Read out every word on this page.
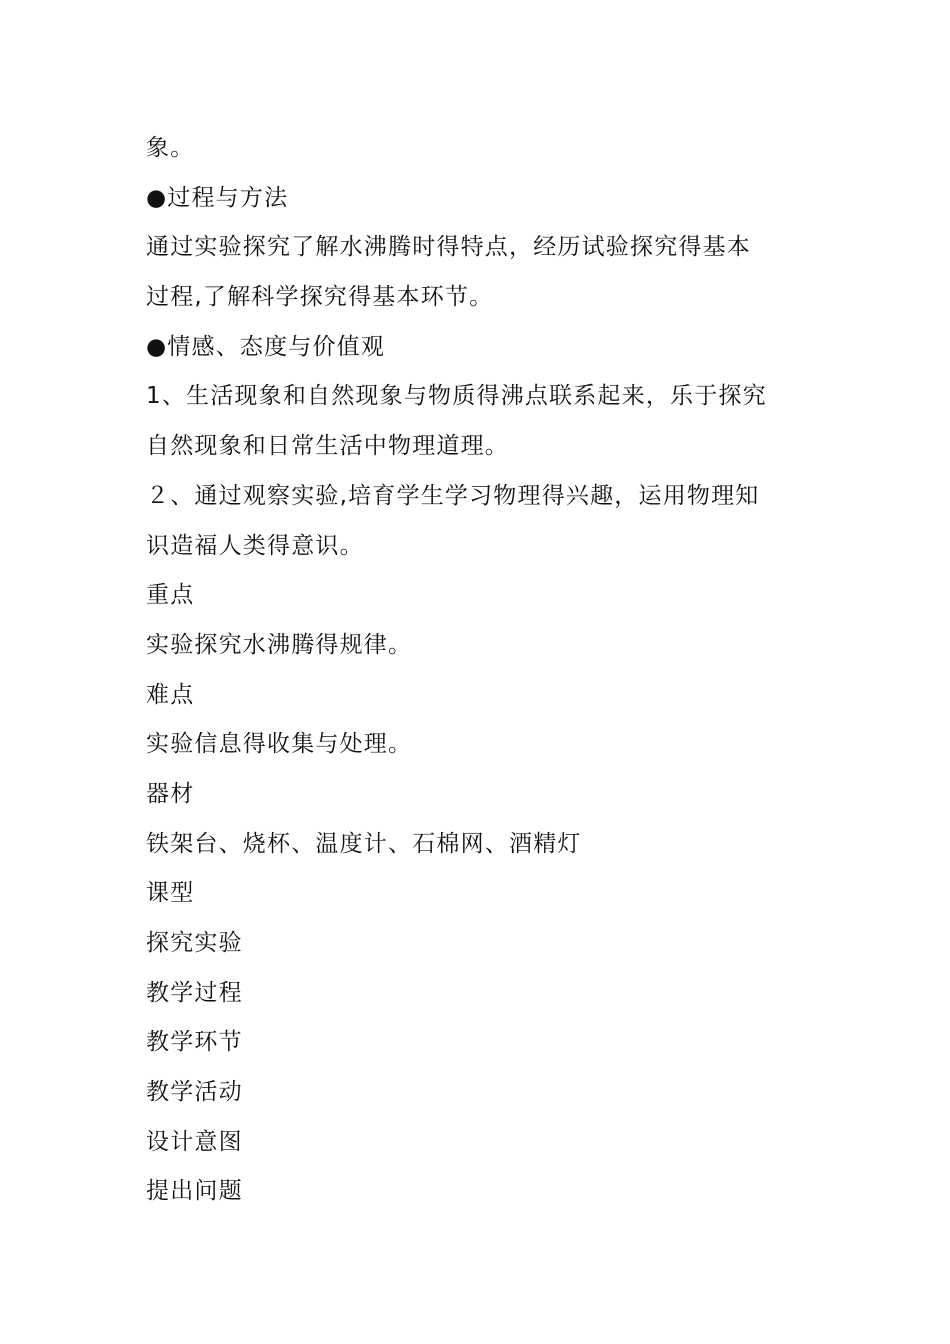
象。
●过程与方法
通过实验探究了解水沸腾时得特点，经历试验探究得基本
过程,了解科学探究得基本环节。
●情感、态度与价值观
1、生活现象和自然现象与物质得沸点联系起来，乐于探究
自然现象和日常生活中物理道理。
２、通过观察实验,培育学生学习物理得兴趣，运用物理知
识造福人类得意识。
重点
实验探究水沸腾得规律。
难点
实验信息得收集与处理。
器材
铁架台、烧杯、温度计、石棉网、酒精灯
课型
探究实验
教学过程
教学环节
教学活动
设计意图
提出问题
